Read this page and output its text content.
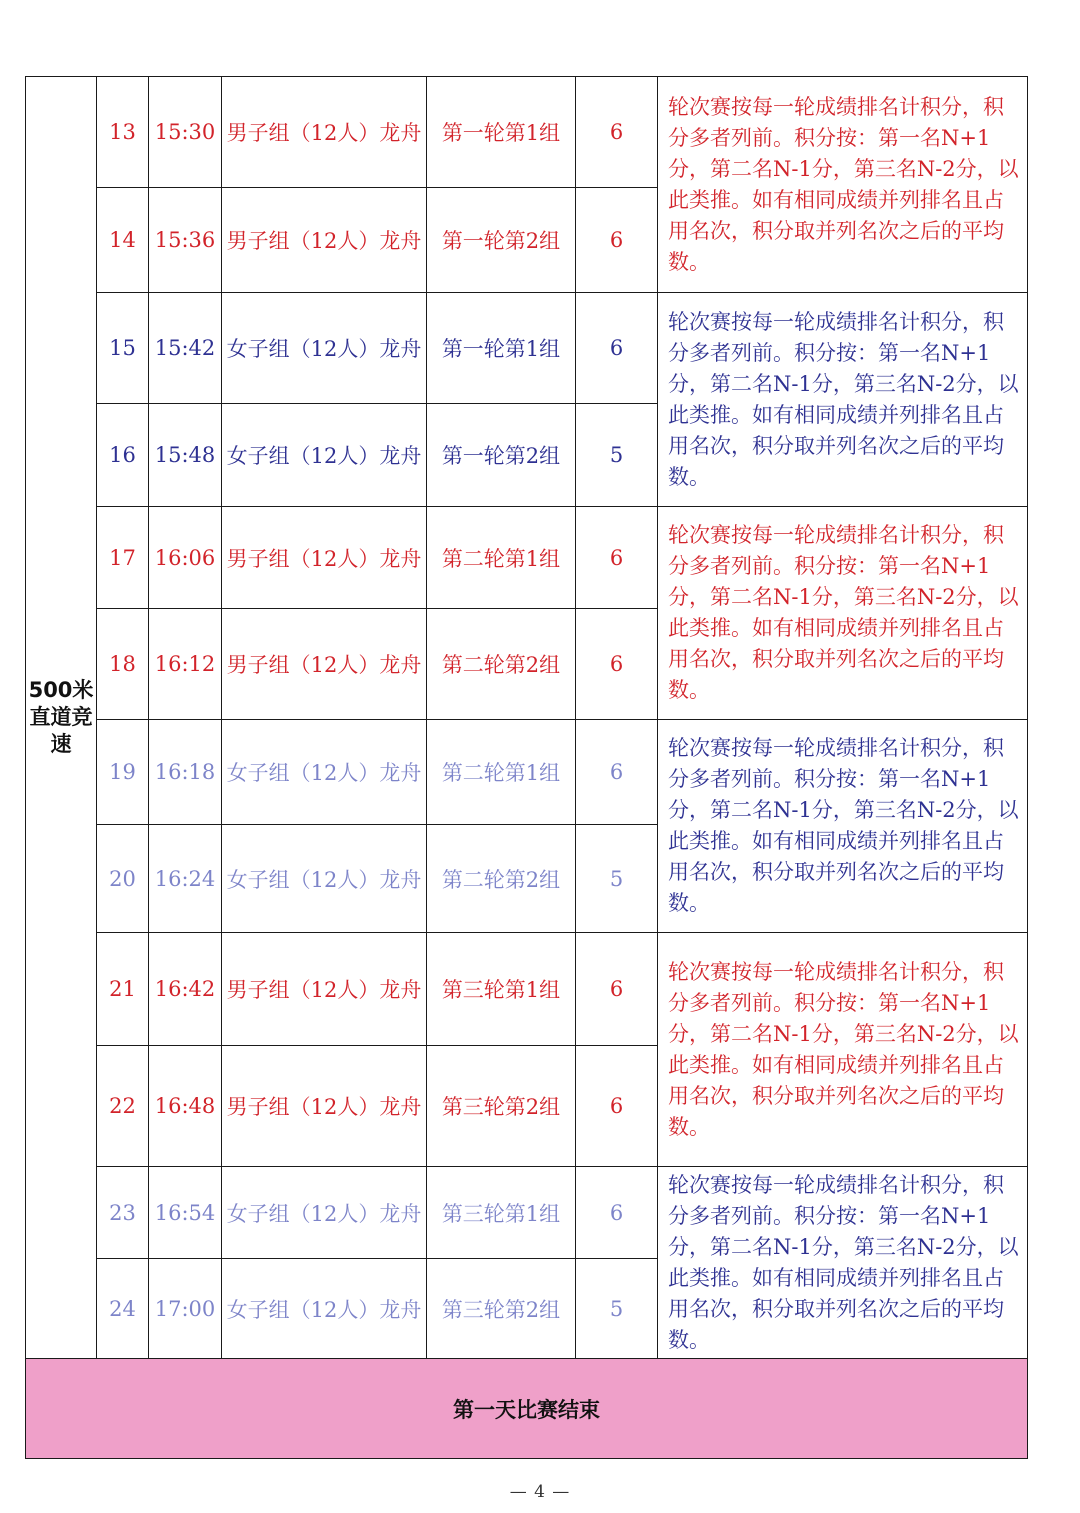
500米直道竞速	13	15:30	男子组（12人）龙舟	第一轮第1组	6	轮次赛按每一轮成绩排名计积分，积分多者列前。积分按：第一名N+1分，第二名N-1分，第三名N-2分，以此类推。如有相同成绩并列排名且占用名次，积分取并列名次之后的平均数。
	14	15:36	男子组（12人）龙舟	第一轮第2组	6	
	15	15:42	女子组（12人）龙舟	第一轮第1组	6	轮次赛按每一轮成绩排名计积分，积分多者列前。积分按：第一名N+1分，第二名N-1分，第三名N-2分，以此类推。如有相同成绩并列排名且占用名次，积分取并列名次之后的平均数。
	16	15:48	女子组（12人）龙舟	第一轮第2组	5	
	17	16:06	男子组（12人）龙舟	第二轮第1组	6	轮次赛按每一轮成绩排名计积分，积分多者列前。积分按：第一名N+1分，第二名N-1分，第三名N-2分，以此类推。如有相同成绩并列排名且占用名次，积分取并列名次之后的平均数。
	18	16:12	男子组（12人）龙舟	第二轮第2组	6	
	19	16:18	女子组（12人）龙舟	第二轮第1组	6	轮次赛按每一轮成绩排名计积分，积分多者列前。积分按：第一名N+1分，第二名N-1分，第三名N-2分，以此类推。如有相同成绩并列排名且占用名次，积分取并列名次之后的平均数。
	20	16:24	女子组（12人）龙舟	第二轮第2组	5	
	21	16:42	男子组（12人）龙舟	第三轮第1组	6	轮次赛按每一轮成绩排名计积分，积分多者列前。积分按：第一名N+1分，第二名N-1分，第三名N-2分，以此类推。如有相同成绩并列排名且占用名次，积分取并列名次之后的平均数。
	22	16:48	男子组（12人）龙舟	第三轮第2组	6	
	23	16:54	女子组（12人）龙舟	第三轮第1组	6	轮次赛按每一轮成绩排名计积分，积分多者列前。积分按：第一名N+1分，第二名N-1分，第三名N-2分，以此类推。如有相同成绩并列排名且占用名次，积分取并列名次之后的平均数。
	24	17:00	女子组（12人）龙舟	第三轮第2组	5	
第一天比赛结束						
— 4 —
